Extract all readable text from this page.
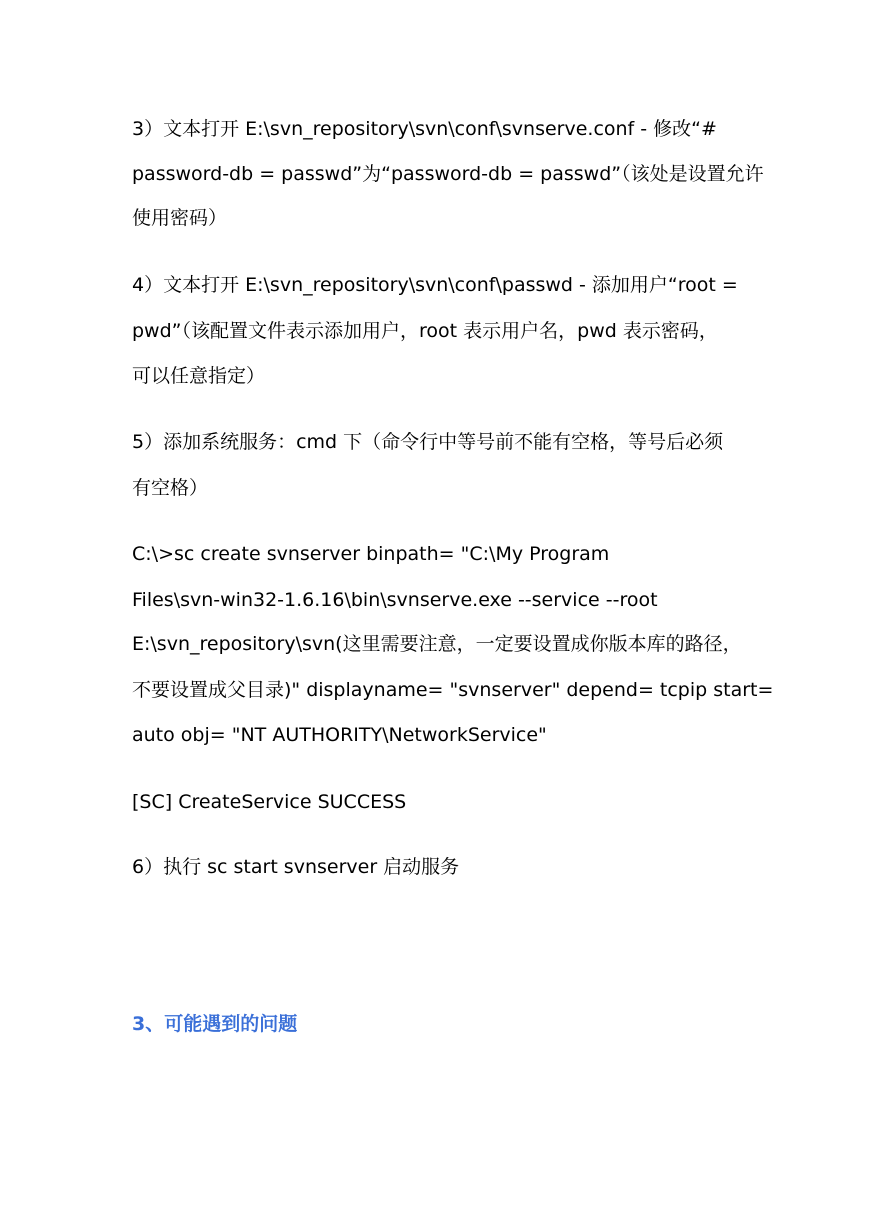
3）文本打开 E:\svn_repository\svn\conf\svnserve.conf - 修改“#
password-db = passwd”为“password-db = passwd”（该处是设置允许
使用密码）
4）文本打开 E:\svn_repository\svn\conf\passwd - 添加用户“root =
pwd”（该配置文件表示添加用户，root 表示用户名，pwd 表示密码，
可以任意指定）
5）添加系统服务：cmd 下（命令行中等号前不能有空格，等号后必须
有空格）
C:\>sc create svnserver binpath= "C:\My Program
Files\svn-win32-1.6.16\bin\svnserve.exe --service --root
E:\svn_repository\svn(这里需要注意，一定要设置成你版本库的路径，
不要设置成父目录)" displayname= "svnserver" depend= tcpip start=
auto obj= "NT AUTHORITY\NetworkService"
[SC] CreateService SUCCESS
6）执行 sc start svnserver 启动服务
3、可能遇到的问题
